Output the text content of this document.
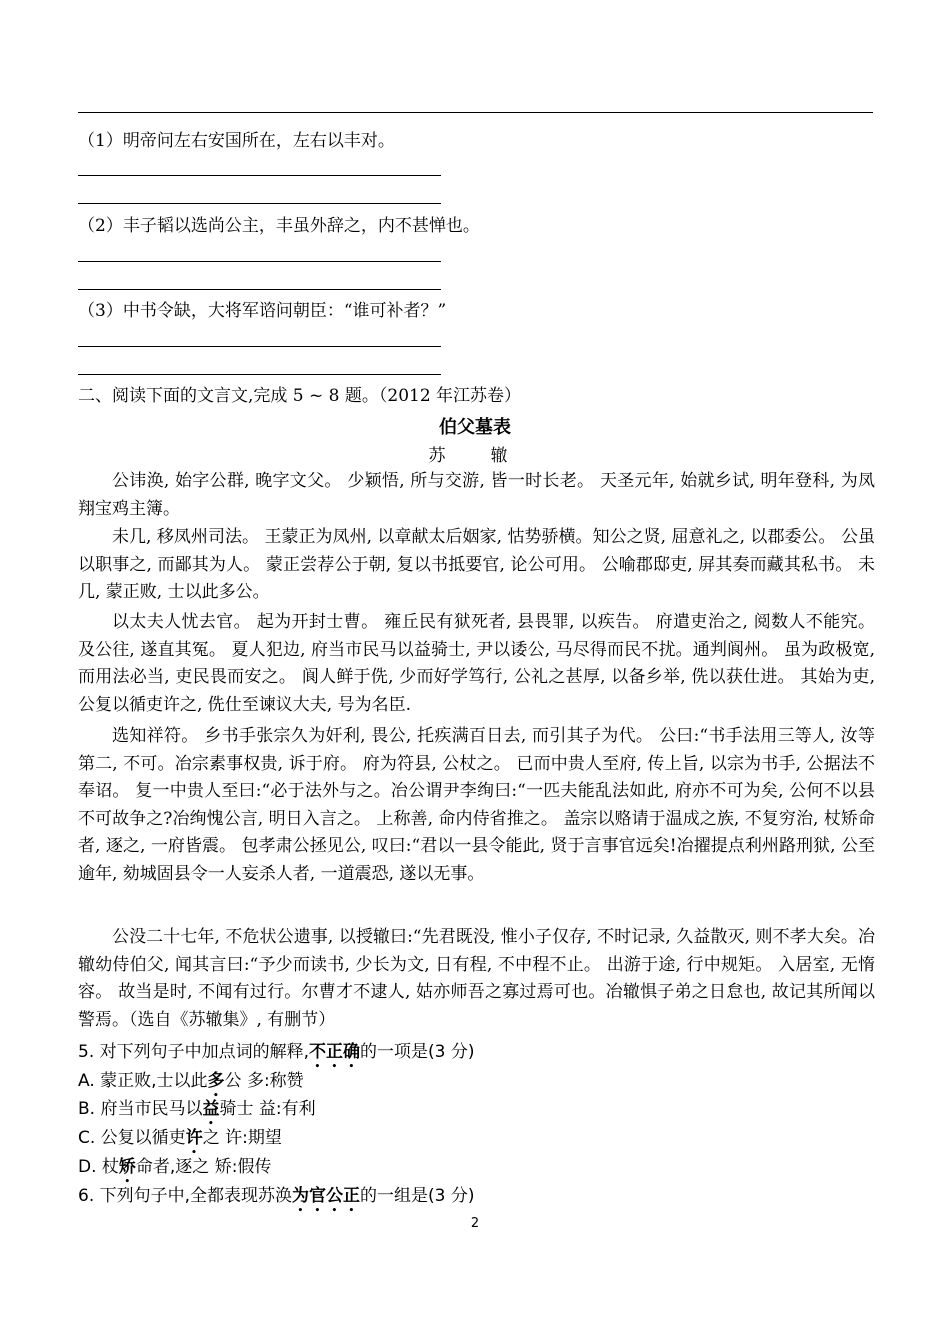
（1）明帝问左右安国所在，左右以丰对。
（2）丰子韬以选尚公主，丰虽外辞之，内不甚惮也。
（3）中书令缺，大将军谘问朝臣：“谁可补者？”
二、阅读下面的文言文,完成 5 ~ 8 题。（2012 年江苏卷）
伯父墓表
苏　辙
公讳涣, 始字公群, 晚字文父。 少颖悟, 所与交游, 皆一时长老。 天圣元年, 始就乡试, 明年登科, 为凤翔宝鸡主簿。
未几, 移凤州司法。 王蒙正为凤州, 以章献太后姻家, 怙势骄横。知公之贤, 屈意礼之, 以郡委公。 公虽以职事之, 而鄙其为人。 蒙正尝荐公于朝, 复以书抵要官, 论公可用。 公喻郡邸吏, 屏其奏而藏其私书。 未几, 蒙正败, 士以此多公。
以太夫人忧去官。 起为开封士曹。 雍丘民有狱死者, 县畏罪, 以疾告。 府遣吏治之, 阅数人不能究。 及公往, 遂直其冤。 夏人犯边, 府当市民马以益骑士, 尹以诿公, 马尽得而民不扰。通判阆州。 虽为政极宽, 而用法必当, 吏民畏而安之。 阆人鲜于侁, 少而好学笃行, 公礼之甚厚, 以备乡举, 侁以获仕进。 其始为吏, 公复以循吏许之, 侁仕至谏议大夫, 号为名臣.
选知祥符。 乡书手张宗久为奸利, 畏公, 托疾满百日去, 而引其子为代。 公曰:“书手法用三等人, 汝等第二, 不可。冶宗素事权贵, 诉于府。 府为符县, 公杖之。 已而中贵人至府, 传上旨, 以宗为书手, 公据法不奉诏。 复一中贵人至曰:“必于法外与之。冶公谓尹李绚曰:“一匹夫能乱法如此, 府亦不可为矣, 公何不以县不可故争之?冶绚愧公言, 明日入言之。 上称善, 命内侍省推之。 盖宗以赂请于温成之族, 不复穷治, 杖矫命者, 逐之, 一府皆震。 包孝肃公拯见公, 叹曰:“君以一县令能此, 贤于言事官远矣!冶擢提点利州路刑狱, 公至逾年, 劾城固县令一人妄杀人者, 一道震恐, 遂以无事。
公没二十七年, 不危状公遗事, 以授辙曰:“先君既没, 惟小子仅存, 不时记录, 久益散灭, 则不孝大矣。冶辙幼侍伯父, 闻其言曰:“予少而读书, 少长为文, 日有程, 不中程不止。 出游于途, 行中规矩。 入居室, 无惰容。 故当是时, 不闻有过行。尔曹才不逮人, 姑亦师吾之寡过焉可也。冶辙惧子弟之日怠也, 故记其所闻以警焉。（选自《苏辙集》, 有删节）
5. 对下列句子中加点词的解释,不正确的一项是(3 分)
A. 蒙正败,士以此多公 多:称赞
B. 府当市民马以益骑士 益:有利
C. 公复以循吏许之 许:期望
D. 杖矫命者,逐之 矫:假传
6. 下列句子中,全都表现苏涣为官公正的一组是(3 分)
2
